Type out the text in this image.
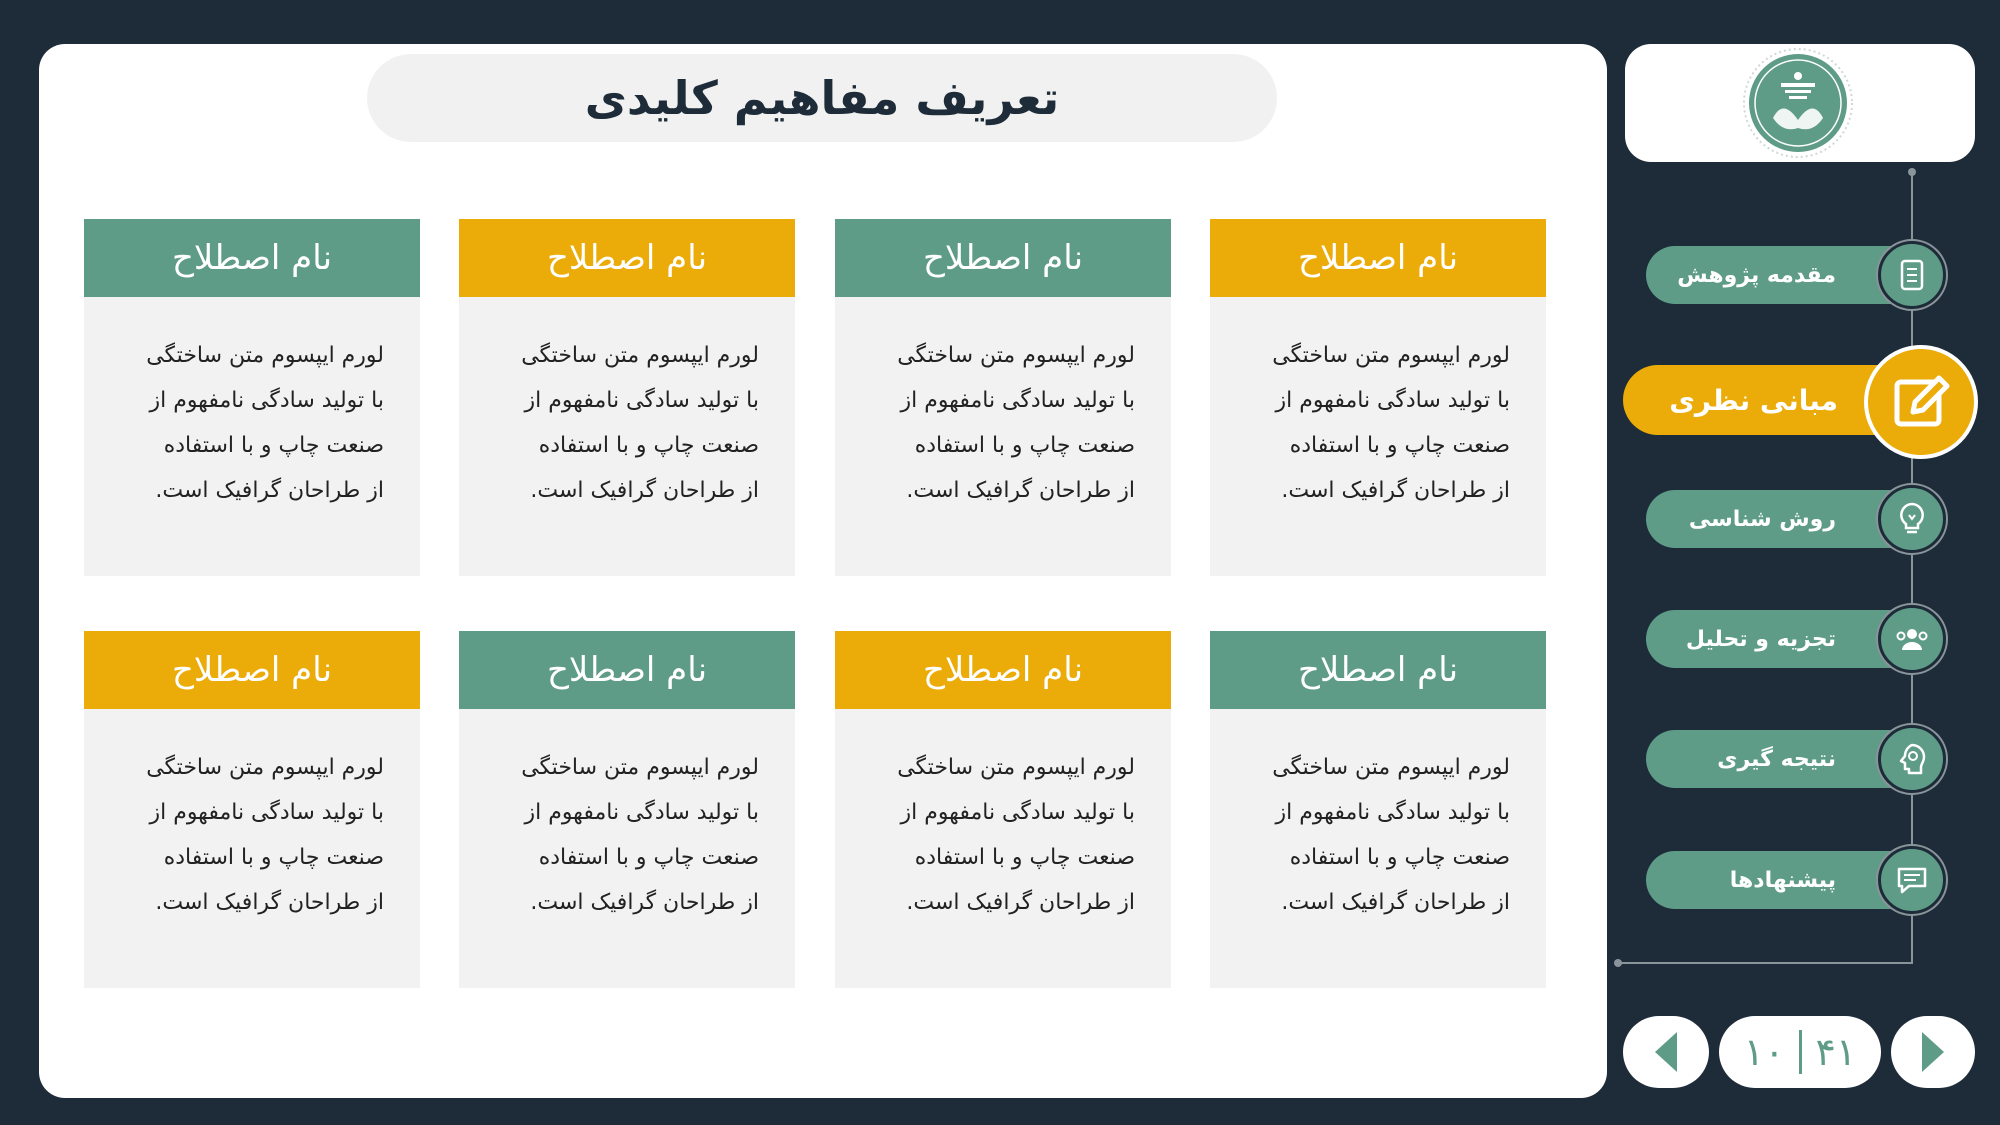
تعریف مفاهیم کلیدی
نام اصطلاح

لورم ایپسوم متن ساختگی

با تولید سادگی نامفهوم از

صنعت چاپ و با استفاده

از طراحان گرافیک است.

نام اصطلاح

لورم ایپسوم متن ساختگی

با تولید سادگی نامفهوم از

صنعت چاپ و با استفاده

از طراحان گرافیک است.

نام اصطلاح

لورم ایپسوم متن ساختگی

با تولید سادگی نامفهوم از

صنعت چاپ و با استفاده

از طراحان گرافیک است.

نام اصطلاح

لورم ایپسوم متن ساختگی

با تولید سادگی نامفهوم از

صنعت چاپ و با استفاده

از طراحان گرافیک است.

نام اصطلاح

لورم ایپسوم متن ساختگی

با تولید سادگی نامفهوم از

صنعت چاپ و با استفاده

از طراحان گرافیک است.

نام اصطلاح

لورم ایپسوم متن ساختگی

با تولید سادگی نامفهوم از

صنعت چاپ و با استفاده

از طراحان گرافیک است.

نام اصطلاح

لورم ایپسوم متن ساختگی

با تولید سادگی نامفهوم از

صنعت چاپ و با استفاده

از طراحان گرافیک است.

نام اصطلاح

لورم ایپسوم متن ساختگی

با تولید سادگی نامفهوم از

صنعت چاپ و با استفاده

از طراحان گرافیک است.

مقدمه پژوهش
مبانی نظری
روش شناسی
تجزیه و تحلیل
نتیجه گیری
پیشنهادها
۴۱
۱۰
